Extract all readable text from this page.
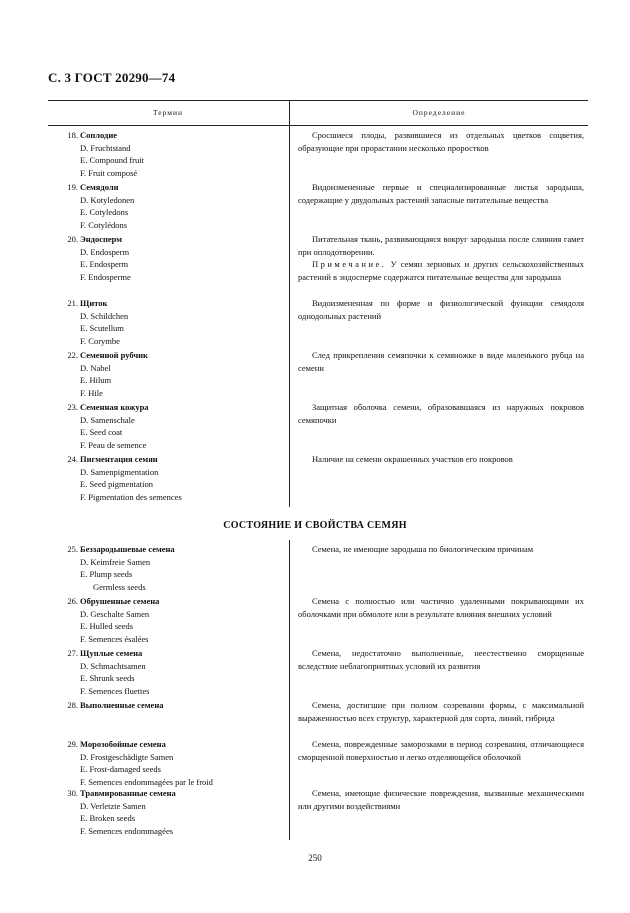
С. 3 ГОСТ 20290—74
Термин	Определение
18. Соплодие
D. Fruchtstand
E. Compound fruit
F. Fruit composé
Сросшиеся плоды, развившиеся из отдельных цветков соцветия, образующие при прорастании несколько проростков
19. Семядоли
D. Kotyledonen
E. Cotyledons
F. Cotylédons
Видоизмененные первые и специализированные листья зародыша, содержащие у двудольных растений запасные питательные вещества
20. Эндосперм
D. Endosperm
E. Endosperm
F. Endosperme
Питательная ткань, развивающаяся вокруг зародыша после слияния гамет при оплодотворении.
Примечание. У семян зерновых и других сельскохозяйственных растений в эндосперме содержатся питательные вещества для зародыша
21. Щиток
D. Schildchen
E. Scutellum
F. Corymbe
Видоизмененная по форме и физиологической функции семядоля однодольных растений
22. Семенной рубчик
D. Nabel
E. Hilum
F. Hile
След прикрепления семяпочки к семяножке в виде маленького рубца на семени
23. Семенная кожура
D. Samenschale
E. Seed coat
F. Peau de semence
Защитная оболочка семени, образовавшаяся из наружных покровов семяпочки
24. Пигментация семян
D. Samenpigmentation
E. Seed pigmentation
F. Pigmentation des semences
Наличие на семени окрашенных участков его покровов
СОСТОЯНИЕ И СВОЙСТВА СЕМЯН
25. Беззародышевые семена
D. Keimfreie Samen
E. Plump seeds
Germless seeds
Семена, не имеющие зародыша по биологическим причинам
26. Обрушенные семена
D. Geschalte Samen
E. Hulled seeds
F. Semences ésalées
Семена с полностью или частично удаленными покрывающими их оболочками при обмолоте или в результате влияния внешних условий
27. Щуплые семена
D. Schmachtsamen
E. Shrunk seeds
F. Semences fluettes
Семена, недостаточно выполненные, неестественно сморщенные вследствие неблагоприятных условий их развития
28. Выполненные семена	Семена, достигшие при полном созревании формы, с максимальной выраженностью всех структур, характерной для сорта, линий, гибрида
29. Морозобойные семена
D. Frostgeschädigte Samen
E. Frost-damaged seeds
F. Semences endommagées par le froid
Семена, поврежденные заморозками в период созревания, отличающиеся сморщенной поверхностью и легко отделяющейся оболочкой
30. Травмированные семена
D. Verletzte Samen
E. Broken seeds
F. Semences endommagées
Семена, имеющие физические повреждения, вызванные механическими или другими воздействиями
250
